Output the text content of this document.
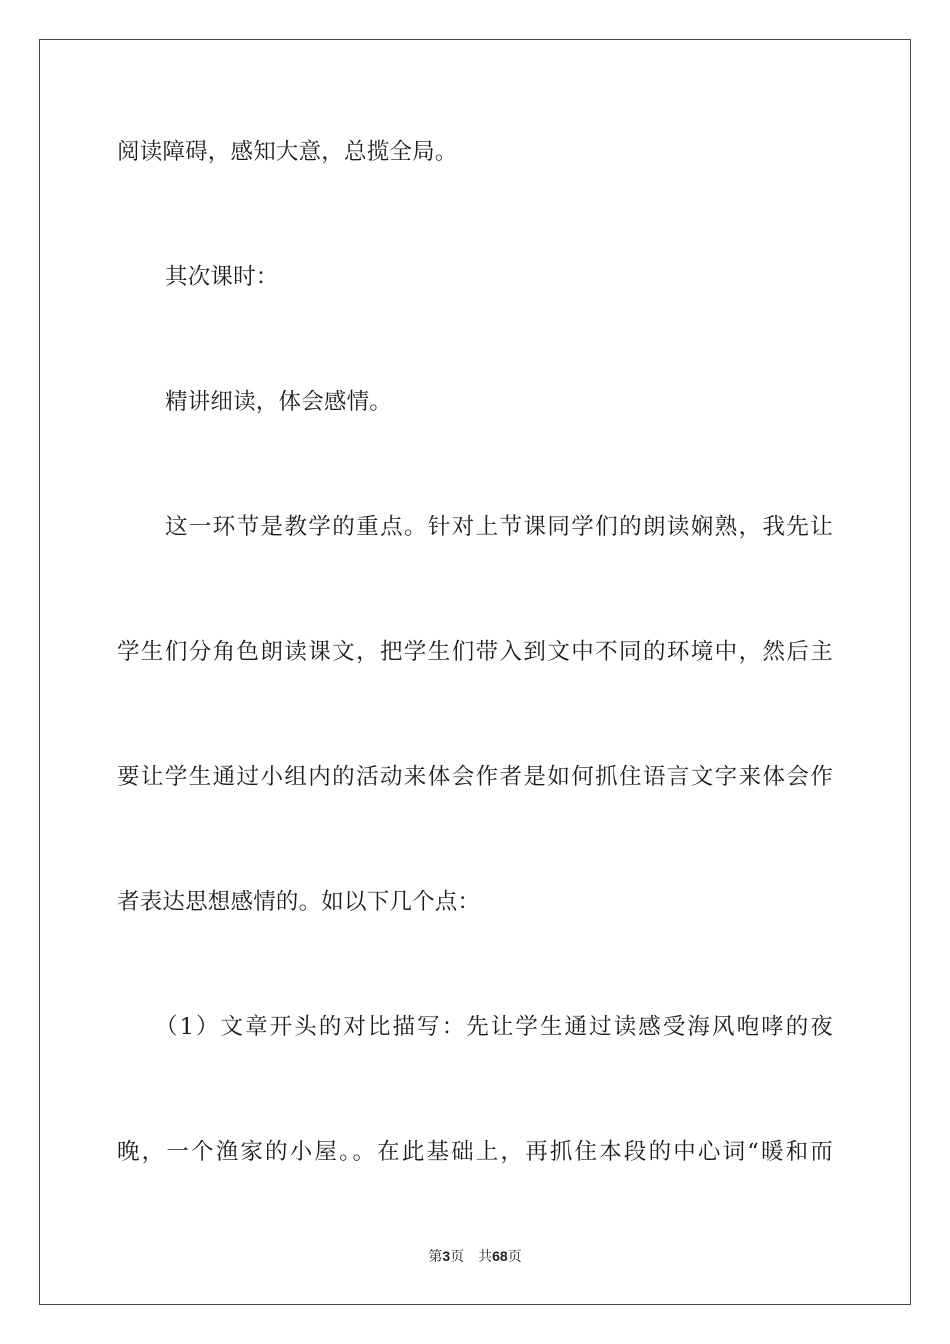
阅读障碍，感知大意，总揽全局。
其次课时：
精讲细读，体会感情。
这一环节是教学的重点。针对上节课同学们的朗读娴熟，我先让
学生们分角色朗读课文，把学生们带入到文中不同的环境中，然后主
要让学生通过小组内的活动来体会作者是如何抓住语言文字来体会作
者表达思想感情的。如以下几个点：
（1）文章开头的对比描写：先让学生通过读感受海风咆哮的夜
晚，一个渔家的小屋。。在此基础上，再抓住本段的中心词“暖和而
第3页 共68页
